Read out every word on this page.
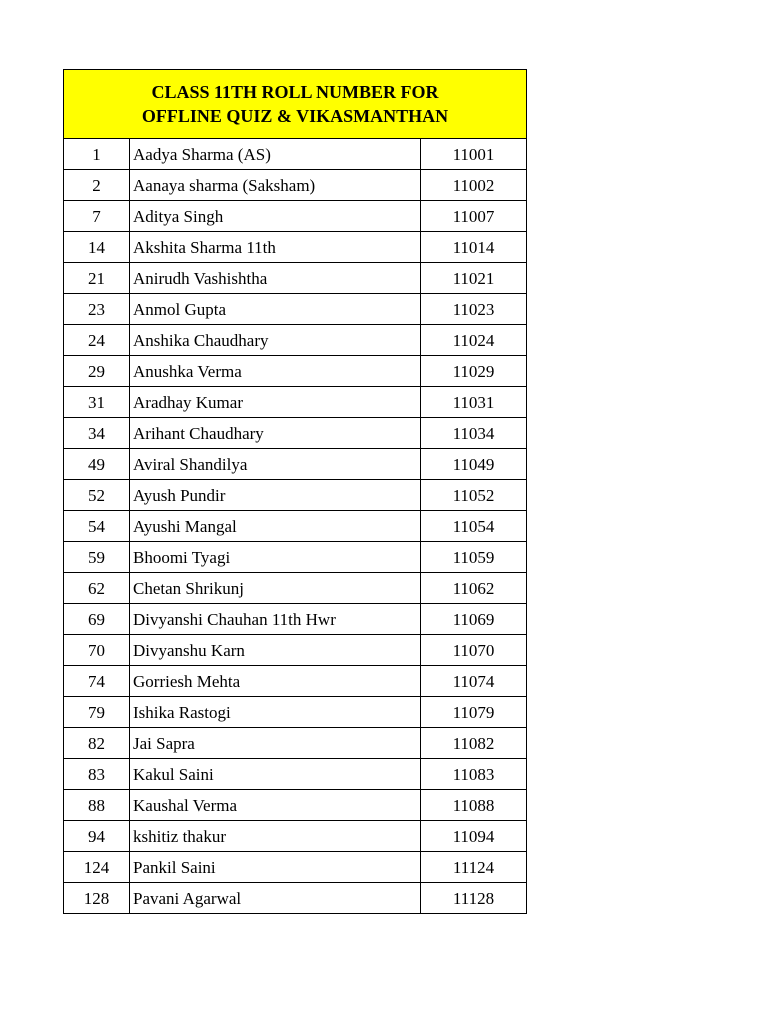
CLASS 11TH ROLL NUMBER FOR
OFFLINE QUIZ & VIKASMANTHAN		

1	Aadya Sharma (AS)	11001
2	Aanaya sharma (Saksham)	11002
7	Aditya Singh	11007
14	Akshita Sharma 11th	11014
21	Anirudh Vashishtha	11021
23	Anmol Gupta	11023
24	Anshika Chaudhary	11024
29	Anushka Verma	11029
31	Aradhay Kumar	11031
34	Arihant Chaudhary	11034
49	Aviral Shandilya	11049
52	Ayush Pundir	11052
54	Ayushi Mangal	11054
59	Bhoomi Tyagi	11059
62	Chetan Shrikunj	11062
69	Divyanshi Chauhan 11th Hwr	11069
70	Divyanshu Karn	11070
74	Gorriesh Mehta	11074
79	Ishika Rastogi	11079
82	Jai Sapra	11082
83	Kakul Saini	11083
88	Kaushal Verma	11088
94	kshitiz thakur	11094
124	Pankil Saini	11124
128	Pavani Agarwal	11128
